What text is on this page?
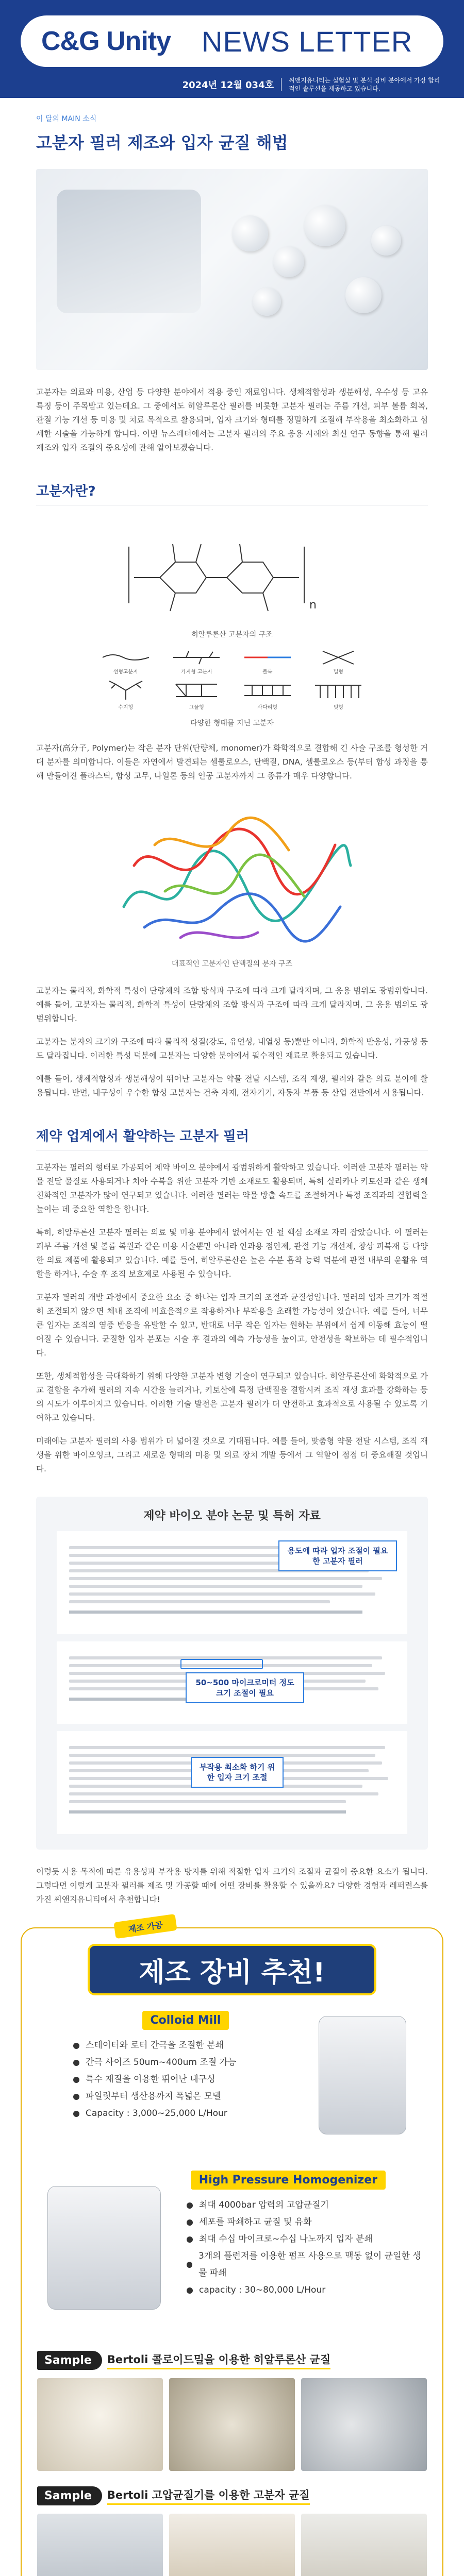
C&G Unity NEWS LETTER
2024년 12월 034호	씨앤지유니티는 실험실 및 분석 장비 분야에서 가장 합리적인 솔루션을 제공하고 있습니다.
이 달의 MAIN 소식
고분자 필러 제조와 입자 균질 해법

고분자는 의료와 미용, 산업 등 다양한 분야에서 적용 중인 재료입니다. 생체적합성과 생분해성, 우수성 등 고유 특징 등이 주목받고 있는데요. 그 중에서도 히알루론산 필러를 비롯한 고분자 필러는 주름 개선, 피부 볼륨 회복, 관절 기능 개선 등 미용 및 치료 목적으로 활용되며, 입자 크기와 형태를 정밀하게 조절해 부작용을 최소화하고 섬세한 시술을 가능하게 합니다. 이번 뉴스레터에서는 고분자 필러의 주요 응용 사례와 최신 연구 동향을 통해 필러 제조와 입자 조절의 중요성에 관해 알아보겠습니다.

고분자란?
n
히알루론산 고분자의 구조
선형고분자	가지형 고분자	블록	별형
수지형	그물형	사다리형	빗형
다양한 형태를 지닌 고분자

고분자(高分子, Polymer)는 작은 분자 단위(단량체, monomer)가 화학적으로 결합해 긴 사슬 구조를 형성한 거대 분자를 의미합니다. 이들은 자연에서 발견되는 셀룰로오스, 단백질, DNA, 셀룰로오스 등(부터 합성 과정을 통해 만들어진 플라스틱, 합성 고무, 나일론 등의 인공 고분자까지 그 종류가 매우 다양합니다.

대표적인 고분자인 단백질의 분자 구조

고분자는 물리적, 화학적 특성이 단량체의 조합 방식과 구조에 따라 크게 달라지며, 그 응용 범위도 광범위합니다. 예를 들어, 고분자는 물리적, 화학적 특성이 단량체의 조합 방식과 구조에 따라 크게 달라지며, 그 응용 범위도 광범위합니다.

고분자는 분자의 크기와 구조에 따라 물리적 성질(강도, 유연성, 내열성 등)뿐만 아니라, 화학적 반응성, 가공성 등도 달라집니다. 이러한 특성 덕분에 고분자는 다양한 분야에서 필수적인 재료로 활용되고 있습니다.

예를 들어, 생체적합성과 생분해성이 뛰어난 고분자는 약물 전달 시스템, 조직 재생, 필러와 같은 의료 분야에 활용됩니다. 반면, 내구성이 우수한 합성 고분자는 건축 자재, 전자기기, 자동차 부품 등 산업 전반에서 사용됩니다.

제약 업계에서 활약하는 고분자 필러

고분자는 필러의 형태로 가공되어 제약 바이오 분야에서 광범위하게 활약하고 있습니다. 이러한 고분자 필러는 약물 전달 물질로 사용되거나 치아 수복을 위한 고분자 기반 소재로도 활용되며, 특히 실리카나 키토산과 같은 생체 친화적인 고분자가 많이 연구되고 있습니다. 이러한 필러는 약물 방출 속도를 조절하거나 특정 조직과의 결합력을 높이는 데 중요한 역할을 합니다.

특히, 히알루론산 고분자 필러는 의료 및 미용 분야에서 없어서는 안 될 핵심 소재로 자리 잡았습니다. 이 필러는 피부 주름 개선 및 볼륨 복원과 같은 미용 시술뿐만 아니라 안과용 점안제, 관절 기능 개선제, 창상 피복재 등 다양한 의료 제품에 활용되고 있습니다. 예를 들어, 히알루론산은 높은 수분 흡착 능력 덕분에 관절 내부의 윤활유 역할을 하거나, 수술 후 조직 보호제로 사용될 수 있습니다.

고분자 필러의 개발 과정에서 중요한 요소 중 하나는 입자 크기의 조절과 균질성입니다. 필러의 입자 크기가 적절히 조절되지 않으면 체내 조직에 비효율적으로 작용하거나 부작용을 초래할 가능성이 있습니다. 예를 들어, 너무 큰 입자는 조직의 염증 반응을 유발할 수 있고, 반대로 너무 작은 입자는 원하는 부위에서 쉽게 이동해 효능이 떨어질 수 있습니다. 균질한 입자 분포는 시술 후 결과의 예측 가능성을 높이고, 안전성을 확보하는 데 필수적입니다.

또한, 생체적합성을 극대화하기 위해 다양한 고분자 변형 기술이 연구되고 있습니다. 히알루론산에 화학적으로 가교 결합을 추가해 필러의 지속 시간을 늘리거나, 키토산에 특정 단백질을 결합시켜 조직 재생 효과를 강화하는 등의 시도가 이루어지고 있습니다. 이러한 기술 발전은 고분자 필러가 더 안전하고 효과적으로 사용될 수 있도록 기여하고 있습니다.

미래에는 고분자 필러의 사용 범위가 더 넓어질 것으로 기대됩니다. 예를 들어, 맞춤형 약물 전달 시스템, 조직 재생을 위한 바이오잉크, 그리고 새로운 형태의 미용 및 의료 장치 개발 등에서 그 역할이 점점 더 중요해질 것입니다.

제약 바이오 분야 논문 및 특허 자료
용도에 따라 입자 조절이 필요한 고분자 필러
50~500 마이크로미터 정도 크기 조절이 필요
부작용 최소화 하기 위한 입자 크기 조절

이렇듯 사용 목적에 따른 유용성과 부작용 방지를 위해 적절한 입자 크기의 조절과 균질이 중요한 요소가 됩니다. 그렇다면 이렇게 고분자 필러를 제조 및 가공할 때에 어떤 장비를 활용할 수 있을까요? 다양한 경험과 레퍼런스를 가진 씨앤지유니티에서 추천합니다!

제조 가공
제조 장비 추천!
Colloid Mill
스테이터와 로터 간극을 조절한 분쇄
간극 사이즈 50um~400um 조절 가능
특수 재질을 이용한 뛰어난 내구성
파일럿부터 생산용까지 폭넓은 모델
Capacity : 3,000~25,000 L/Hour
High Pressure Homogenizer
최대 4000bar 압력의 고압균질기
세포를 파쇄하고 균질 및 유화
최대 수십 마이크로~수십 나노까지 입자 분쇄
3개의 플런저를 이용한 펌프 사용으로 맥동 없이 균일한 생물 파쇄
capacity : 30~80,000 L/Hour
Sample	Bertoli 콜로이드밀을 이용한 히알루론산 균질
Sample	Bertoli 고압균질기를 이용한 고분자 균질
